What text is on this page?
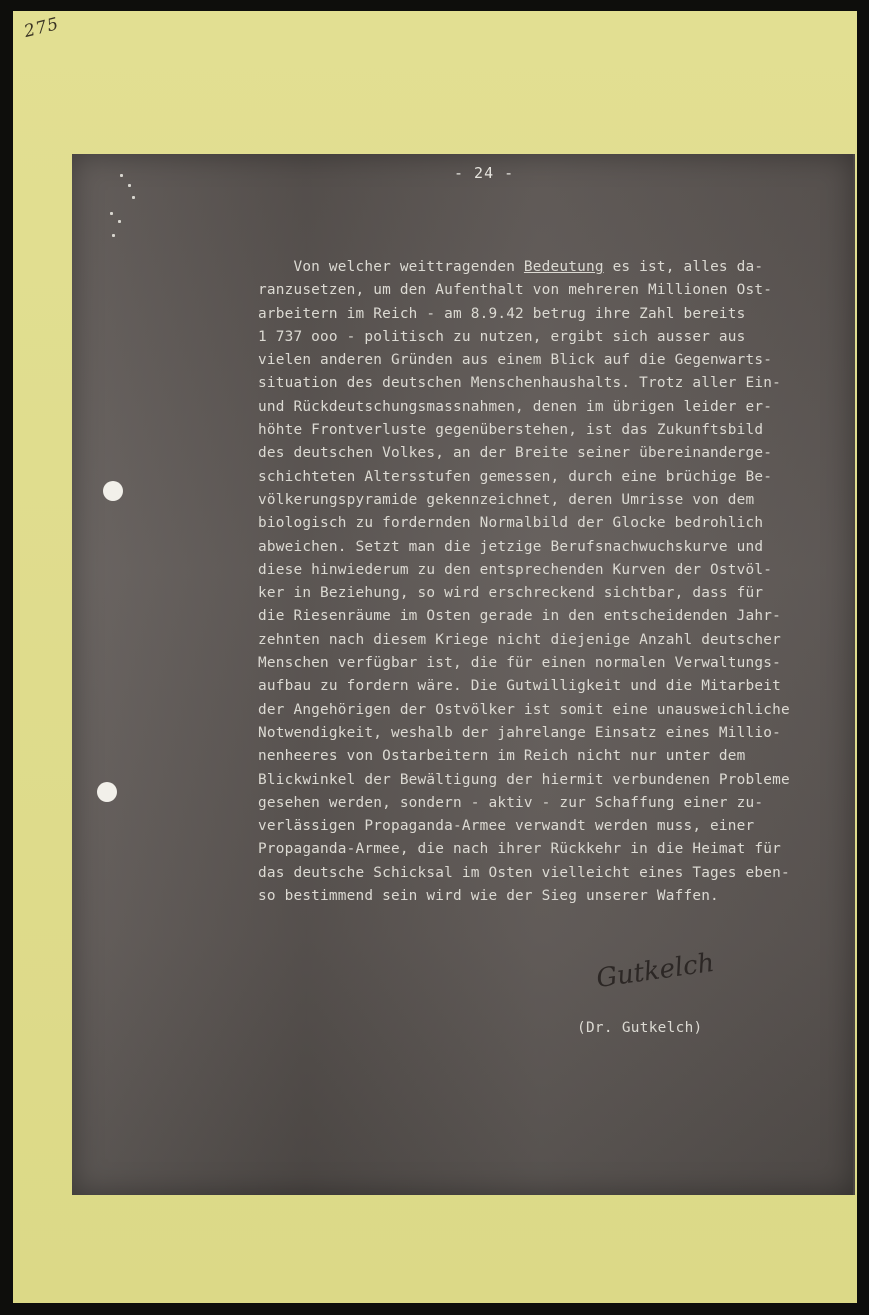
275
- 24 -
Von welcher weittragenden Bedeutung es ist, alles da-
ranzusetzen, um den Aufenthalt von mehreren Millionen Ost-
arbeitern im Reich - am 8.9.42 betrug ihre Zahl bereits
1 737 ooo - politisch zu nutzen, ergibt sich ausser aus
vielen anderen Gründen aus einem Blick auf die Gegenwarts-
situation des deutschen Menschenhaushalts. Trotz aller Ein-
und Rückdeutschungsmassnahmen, denen im übrigen leider er-
höhte Frontverluste gegenüberstehen, ist das Zukunftsbild
des deutschen Volkes, an der Breite seiner übereinanderge-
schichteten Altersstufen gemessen, durch eine brüchige Be-
völkerungspyramide gekennzeichnet, deren Umrisse von dem
biologisch zu fordernden Normalbild der Glocke bedrohlich
abweichen. Setzt man die jetzige Berufsnachwuchskurve und
diese hinwiederum zu den entsprechenden Kurven der Ostvöl-
ker in Beziehung, so wird erschreckend sichtbar, dass für
die Riesenräume im Osten gerade in den entscheidenden Jahr-
zehnten nach diesem Kriege nicht diejenige Anzahl deutscher
Menschen verfügbar ist, die für einen normalen Verwaltungs-
aufbau zu fordern wäre. Die Gutwilligkeit und die Mitarbeit
der Angehörigen der Ostvölker ist somit eine unausweichliche
Notwendigkeit, weshalb der jahrelange Einsatz eines Millio-
nenheeres von Ostarbeitern im Reich nicht nur unter dem
Blickwinkel der Bewältigung der hiermit verbundenen Probleme
gesehen werden, sondern - aktiv - zur Schaffung einer zu-
verlässigen Propaganda-Armee verwandt werden muss, einer
Propaganda-Armee, die nach ihrer Rückkehr in die Heimat für
das deutsche Schicksal im Osten vielleicht eines Tages eben-
so bestimmend sein wird wie der Sieg unserer Waffen.
Gutkelch
(Dr. Gutkelch)
